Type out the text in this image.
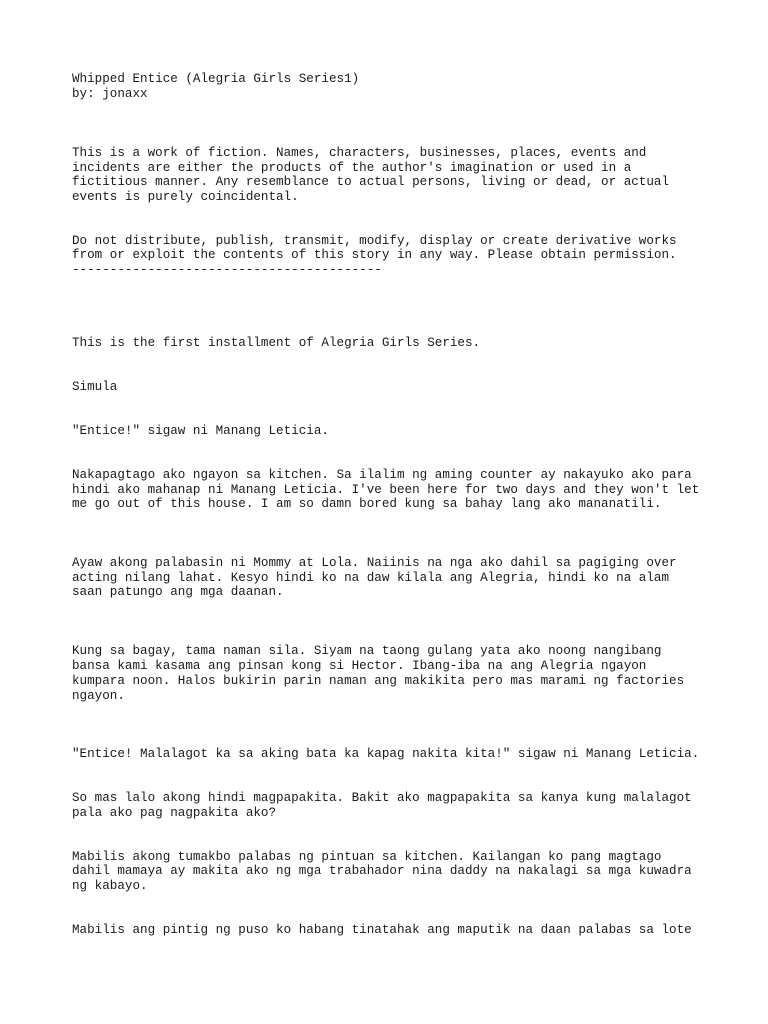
Whipped Entice (Alegria Girls Series1)

by: jonaxx

This is a work of fiction. Names, characters, businesses, places, events and

incidents are either the products of the author's imagination or used in a

fictitious manner. Any resemblance to actual persons, living or dead, or actual

events is purely coincidental.

Do not distribute, publish, transmit, modify, display or create derivative works

from or exploit the contents of this story in any way. Please obtain permission.

-----------------------------------------

This is the first installment of Alegria Girls Series.

Simula

"Entice!" sigaw ni Manang Leticia.

Nakapagtago ako ngayon sa kitchen. Sa ilalim ng aming counter ay nakayuko ako para

hindi ako mahanap ni Manang Leticia. I've been here for two days and they won't let

me go out of this house. I am so damn bored kung sa bahay lang ako mananatili.

Ayaw akong palabasin ni Mommy at Lola. Naiinis na nga ako dahil sa pagiging over

acting nilang lahat. Kesyo hindi ko na daw kilala ang Alegria, hindi ko na alam

saan patungo ang mga daanan.

Kung sa bagay, tama naman sila. Siyam na taong gulang yata ako noong nangibang

bansa kami kasama ang pinsan kong si Hector. Ibang-iba na ang Alegria ngayon

kumpara noon. Halos bukirin parin naman ang makikita pero mas marami ng factories

ngayon.

"Entice! Malalagot ka sa aking bata ka kapag nakita kita!" sigaw ni Manang Leticia.

So mas lalo akong hindi magpapakita. Bakit ako magpapakita sa kanya kung malalagot

pala ako pag nagpakita ako?

Mabilis akong tumakbo palabas ng pintuan sa kitchen. Kailangan ko pang magtago

dahil mamaya ay makita ako ng mga trabahador nina daddy na nakalagi sa mga kuwadra

ng kabayo.

Mabilis ang pintig ng puso ko habang tinatahak ang maputik na daan palabas sa lote
